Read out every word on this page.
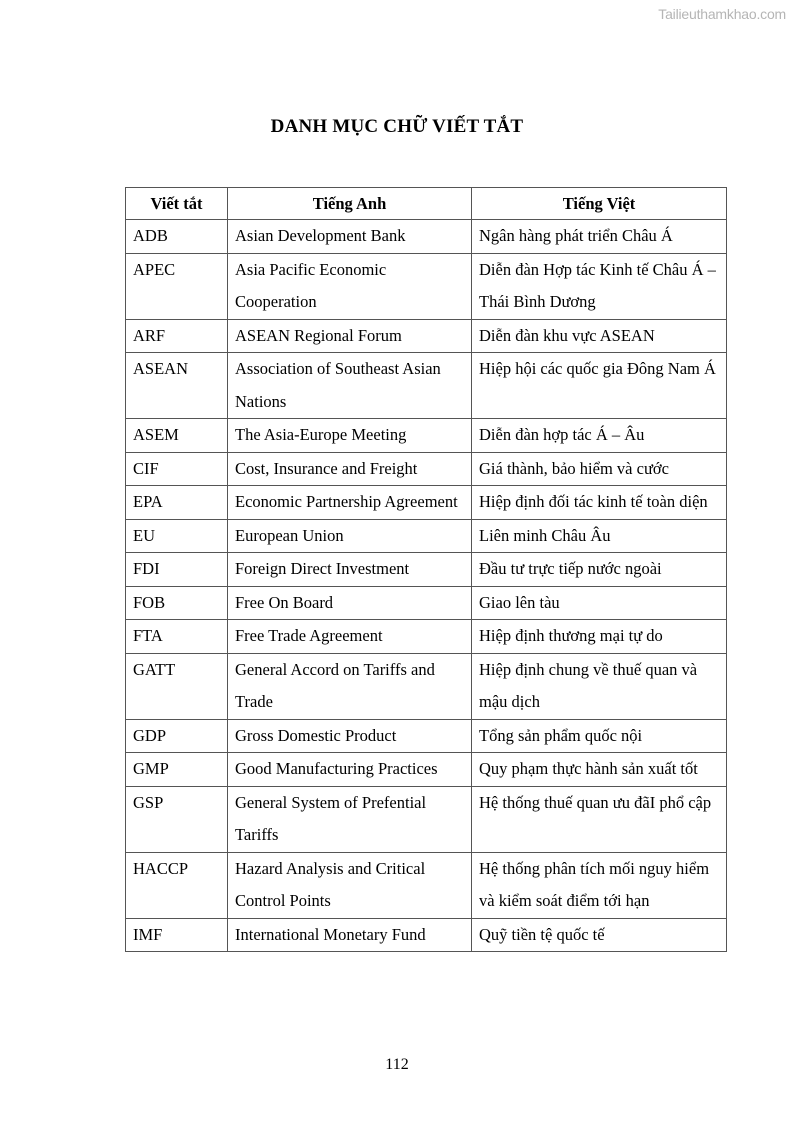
Tailieuthamkhao.com
DANH MỤC CHỮ VIẾT TẮT
Viết tắt	Tiếng Anh	Tiếng Việt
ADB	Asian Development Bank	Ngân hàng phát triển Châu Á
APEC	Asia Pacific Economic Cooperation	Diễn đàn Hợp tác Kinh tế Châu Á – Thái Bình Dương
ARF	ASEAN Regional Forum	Diễn đàn khu vực ASEAN
ASEAN	Association of Southeast Asian Nations	Hiệp hội các quốc gia Đông Nam Á
ASEM	The Asia-Europe Meeting	Diễn đàn hợp tác Á – Âu
CIF	Cost, Insurance and Freight	Giá thành, bảo hiểm và cước
EPA	Economic Partnership Agreement	Hiệp định đối tác kinh tế toàn diện
EU	European Union	Liên minh Châu Âu
FDI	Foreign Direct Investment	Đầu tư trực tiếp nước ngoài
FOB	Free On Board	Giao lên tàu
FTA	Free Trade Agreement	Hiệp định thương mại tự do
GATT	General Accord on Tariffs and Trade	Hiệp định chung về thuế quan và mậu dịch
GDP	Gross Domestic Product	Tổng sản phẩm quốc nội
GMP	Good Manufacturing Practices	Quy phạm thực hành sản xuất tốt
GSP	General System of Prefential Tariffs	Hệ thống thuế quan ưu đãI phổ cập
HACCP	Hazard Analysis and Critical Control Points	Hệ thống phân tích mối nguy hiểm và kiểm soát điểm tới hạn
IMF	International Monetary Fund	Quỹ tiền tệ quốc tế
112
